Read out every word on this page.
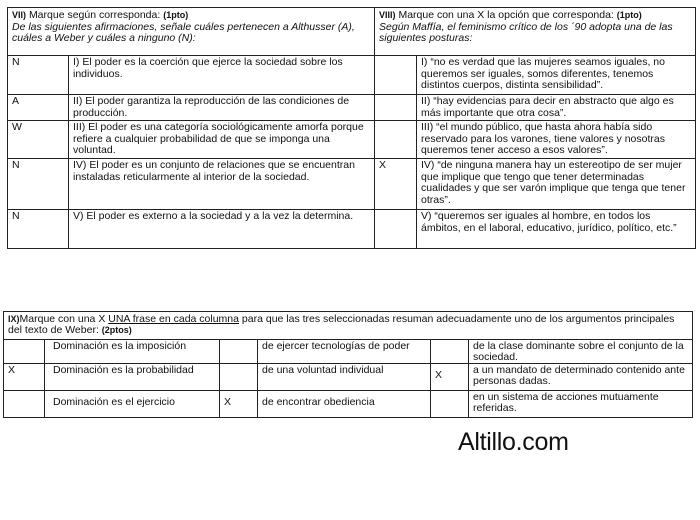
VII) Marque según corresponda: (1pto)
De las siguientes afirmaciones, señale cuáles pertenecen a Althusser (A), cuáles a Weber y cuáles a ninguno (N):		VIII) Marque con una X la opción que corresponda: (1pto)
Según Maffía, el feminismo crítico de los ´90 adopta una de las siguientes posturas:	
N	I) El poder es la coerción que ejerce la sociedad sobre los individuos.		I) “no es verdad que las mujeres seamos iguales, no queremos ser iguales, somos diferentes, tenemos distintos cuerpos, distinta sensibilidad”.
A	II) El poder garantiza la reproducción de las condiciones de producción.		II) “hay evidencias para decir en abstracto que algo es más importante que otra cosa”.
W	III) El poder es una categoría sociológicamente amorfa porque refiere a cualquier probabilidad de que se imponga una voluntad.		III) “el mundo público, que hasta ahora había sido reservado para los varones, tiene valores y nosotras queremos tener acceso a esos valores”.
N	IV) El poder es un conjunto de relaciones que se encuentran instaladas reticularmente al interior de la sociedad.	X	IV) “de ninguna manera hay un estereotipo de ser mujer que implique que tengo que tener determinadas cualidades y que ser varón implique que tenga que tener otras”.
N	V) El poder es externo a la sociedad y a la vez la determina.		V) “queremos ser iguales al hombre, en todos los ámbitos, en el laboral, educativo, jurídico, político, etc.”
IX)Marque con una X UNA frase en cada columna para que las tres seleccionadas resuman adecuadamente uno de los argumentos principales del texto de Weber: (2ptos)					
	Dominación es la imposición		de ejercer tecnologías de poder		de la clase dominante sobre el conjunto de la sociedad.
X	Dominación es la probabilidad		de una voluntad individual	X	a un mandato de determinado contenido ante personas dadas.
	Dominación es el ejercicio	X	de encontrar obediencia		en un sistema de acciones mutuamente referidas.
Altillo.com
